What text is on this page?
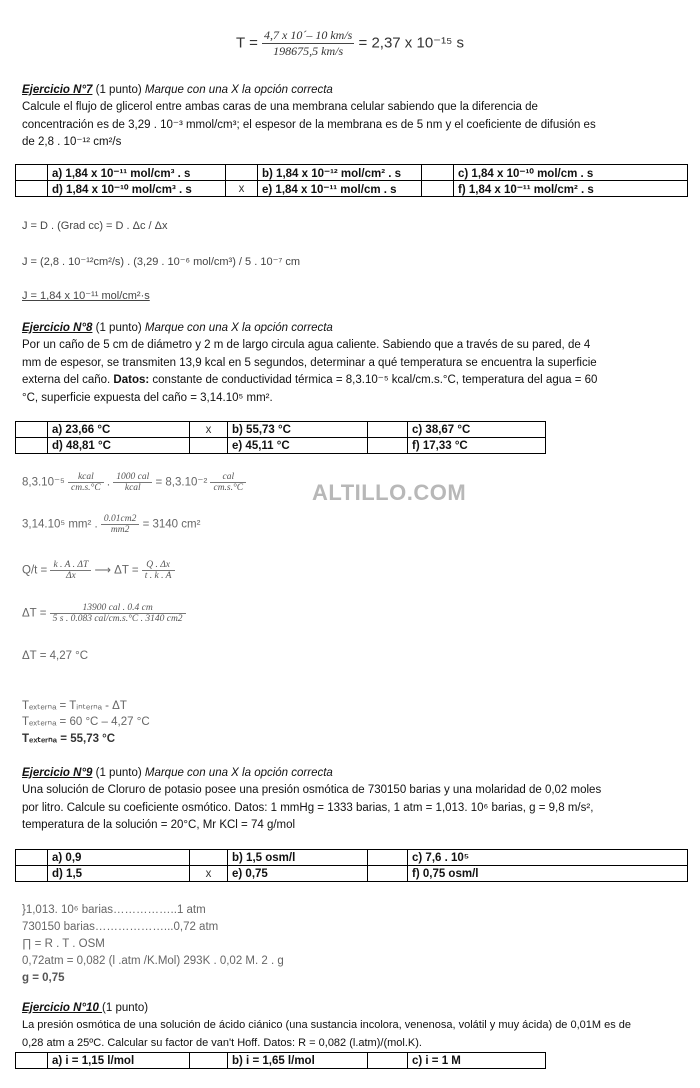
$T = \frac{4,7 x 10´- 10 km/s}{198675,5 km/s} = 2,37$ x 10⁻¹⁵ s
Ejercicio N°7 (1 punto) Marque con una X la opción correcta
Calcule el flujo de glicerol entre ambas caras de una membrana celular sabiendo que la diferencia de
concentración es de 3,29 . 10⁻³ mmol/cm³; el espesor de la membrana es de 5 nm y el coeficiente de difusión es
de 2,8 . 10⁻¹² cm²/s
	a) 1,84 x 10⁻¹¹ mol/cm³ . s		b) 1,84 x 10⁻¹² mol/cm² . s		c) 1,84 x 10⁻¹⁰ mol/cm . s
	d) 1,84 x 10⁻¹⁰ mol/cm³ . s	x	e) 1,84 x 10⁻¹¹ mol/cm . s		f) 1,84 x 10⁻¹¹ mol/cm² . s
J = D . (Grad cc) = D . Δc / Δx
J = (2,8 . 10⁻¹²cm²/s) . (3,29 . 10⁻⁶ mol/cm³) / 5 . 10⁻⁷ cm
J = 1,84 x 10⁻¹¹ mol/cm²·s
Ejercicio N°8 (1 punto) Marque con una X la opción correcta
Por un caño de 5 cm de diámetro y 2 m de largo circula agua caliente. Sabiendo que a través de su pared, de 4
mm de espesor, se transmiten 13,9 kcal en 5 segundos, determinar a qué temperatura se encuentra la superficie
externa del caño. Datos: constante de conductividad térmica = 8,3.10⁻⁵ kcal/cm.s.°C, temperatura del agua = 60
°C, superficie expuesta del caño = 3,14.10⁵ mm².
	a) 23,66 °C	x	b) 55,73 °C		c) 38,67 °C
	d) 48,81 °C		e) 45,11 °C		f) 17,33 °C
$8,3.10^{-5} \frac{\text{kcal}}{cm.s.^\circ C}$ . $\frac{\text{1000 cal}}{\text{kcal}} = 8,3.10^{-2} \frac{\text{cal}}{cm.s.^\circ C}$	ALTILLO.COM
3,14.10⁵ mm² . $\frac{0.01cm2}{mm2} = 3140$ cm²
$Q/t = \frac{k . A . \Delta T}{\Delta x}$ ⟶ $\Delta T = \frac{Q . \Delta x}{t . k . A}$
$\Delta T = \frac{\text{13900 cal . 0.4 cm}}{\text{5 s . 0.083 cal/cm.s.°C . 3140 cm2}}$
ΔT = 4,27 °C
Tₑₓₜₑᵣₙₐ = Tᵢₙₜₑᵣₙₐ - ΔT
Tₑₓₜₑᵣₙₐ = 60 °C – 4,27 °C
Tₑₓₜₑᵣₙₐ = 55,73 °C
Ejercicio N°9 (1 punto) Marque con una X la opción correcta
Una solución de Cloruro de potasio posee una presión osmótica de 730150 barias y una molaridad de 0,02 moles
por litro. Calcule su coeficiente osmótico. Datos: 1 mmHg = 1333 barias, 1 atm = 1,013. 10⁶ barias, g = 9,8 m/s²,
temperatura de la solución = 20°C, Mr KCl = 74 g/mol
	a) 0,9		b) 1,5 osm/l		c) 7,6 . 10⁵
	d) 1,5	x	e) 0,75		f) 0,75 osm/l
}1,013. 10⁶ barias……………..1 atm
730150 barias………………...0,72 atm
∏ = R . T . OSM
0,72atm = 0,082 (l .atm /K.Mol) 293K . 0,02 M. 2 . g
g = 0,75
Ejercicio N°10 (1 punto)
La presión osmótica de una solución de ácido ciánico (una sustancia incolora, venenosa, volátil y muy ácida) de 0,01M es de
0,28 atm a 25ºC. Calcular su factor de van't Hoff. Datos: R = 0,082 (l.atm)/(mol.K).
	a) i = 1,15 l/mol		b) i = 1,65 l/mol		c) i = 1 M
